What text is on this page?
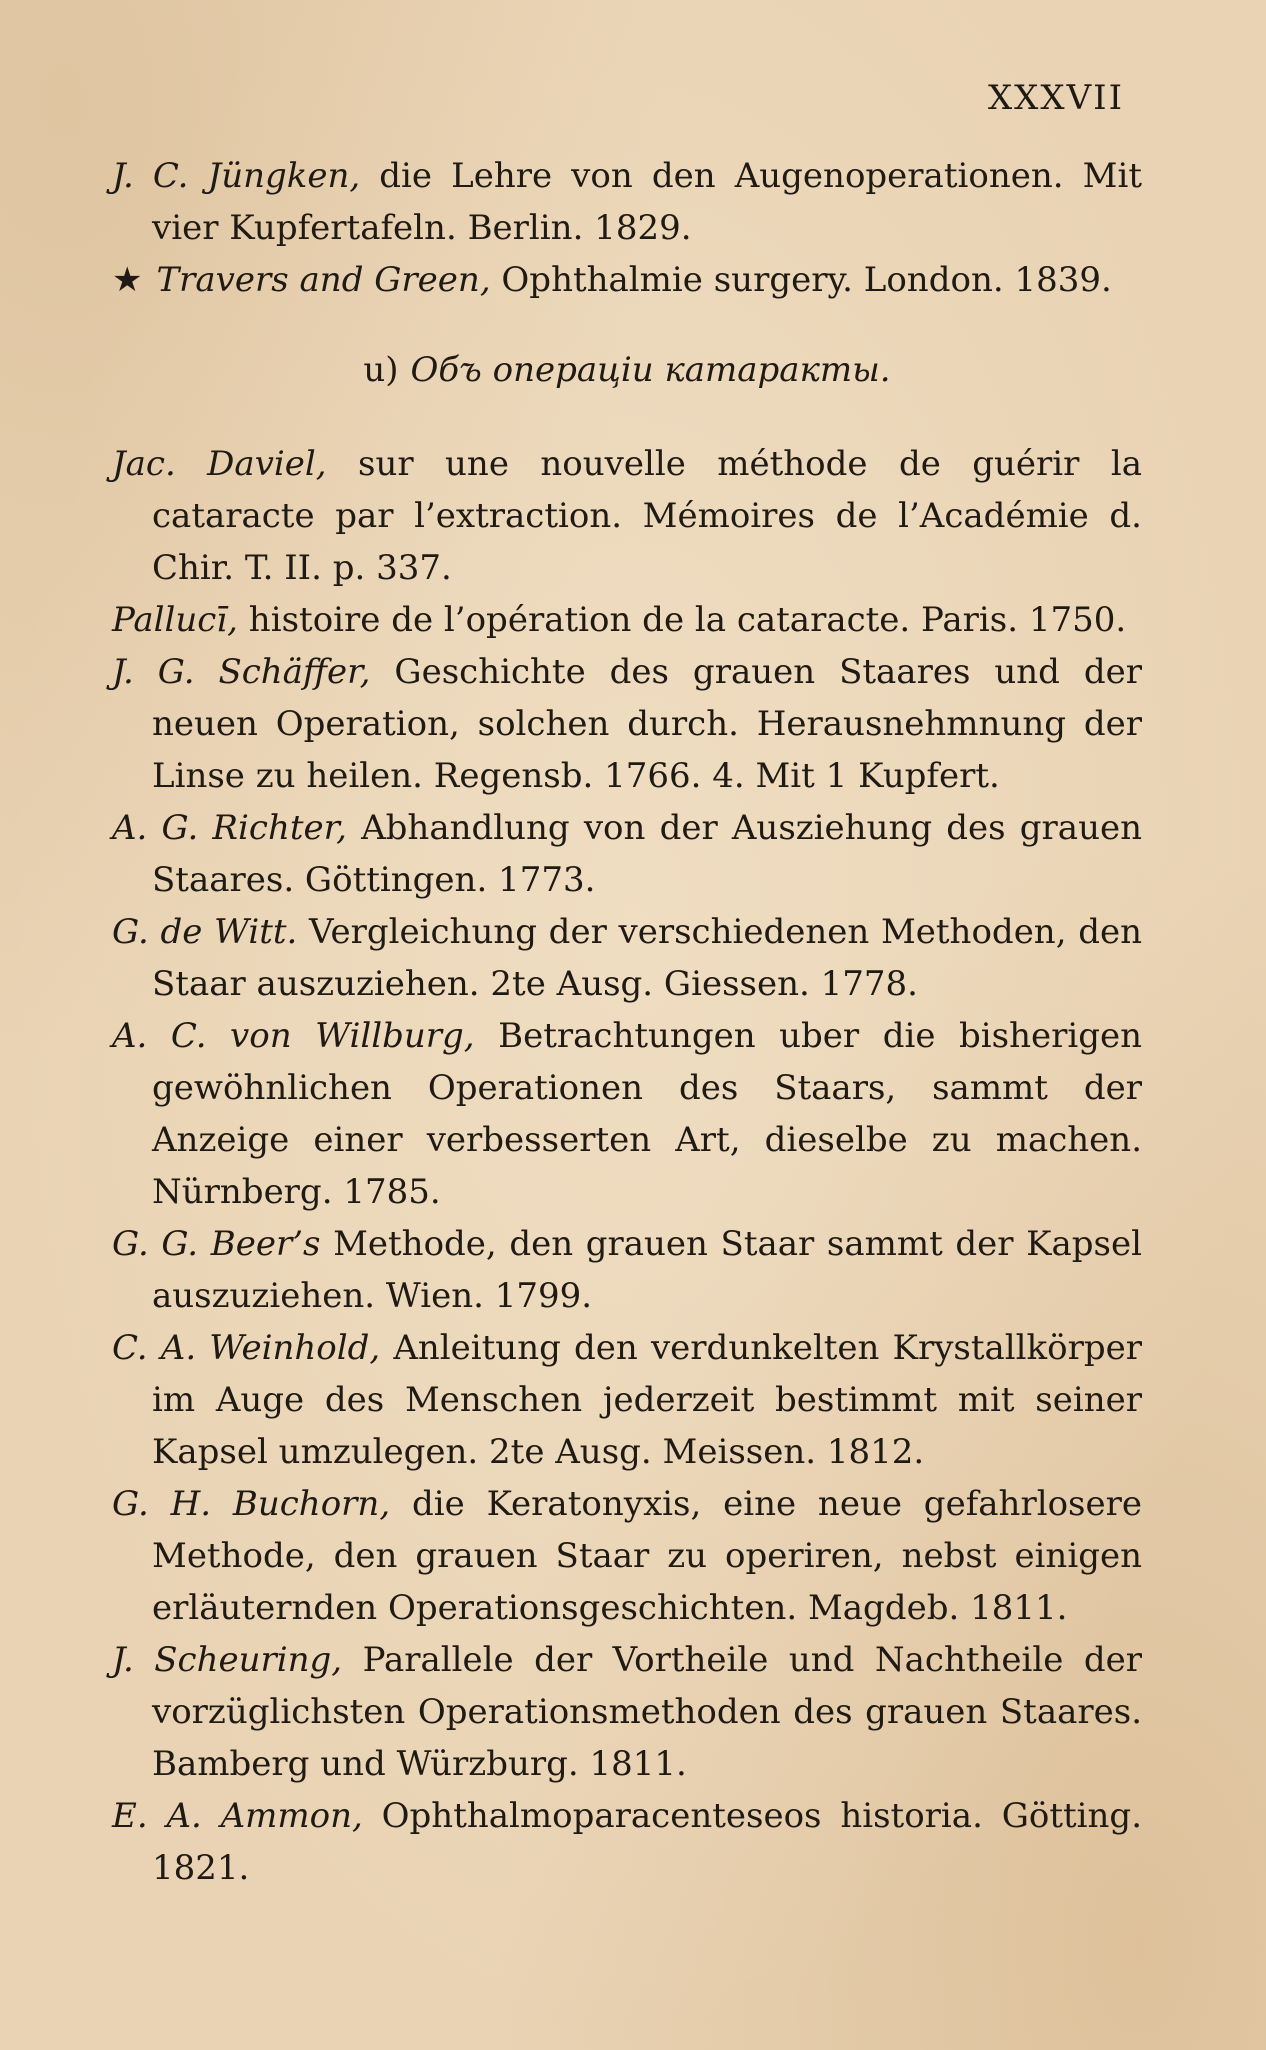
XXXVII

J. C. Jüngken, die Lehre von den Augenoperationen. Mit vier Kupfertafeln. Berlin. 1829.

★ Travers and Green, Ophthalmie surgery. London. 1839.

u) Объ операціи катаракты.

Jac. Daviel, sur une nouvelle méthode de guérir la cataracte par l’extraction. Mémoires de l’Académie d. Chir. T. II. p. 337.

Pallucī, histoire de l’opération de la cataracte. Paris. 1750.

J. G. Schäffer, Geschichte des grauen Staares und der neuen Operation, solchen durch. Herausnehmnung der Linse zu heilen. Regensb. 1766. 4. Mit 1 Kupfert.

A. G. Richter, Abhandlung von der Ausziehung des grauen Staares. Göttingen. 1773.

G. de Witt. Vergleichung der verschiedenen Methoden, den Staar auszuziehen. 2te Ausg. Giessen. 1778.

A. C. von Willburg, Betrachtungen uber die bisherigen gewöhnlichen Operationen des Staars, sammt der Anzeige einer verbesserten Art, dieselbe zu machen. Nürnberg. 1785.

G. G. Beer’s Methode, den grauen Staar sammt der Kapsel auszuziehen. Wien. 1799.

C. A. Weinhold, Anleitung den verdunkelten Krystallkörper im Auge des Menschen jederzeit bestimmt mit seiner Kapsel umzulegen. 2te Ausg. Meissen. 1812.

G. H. Buchorn, die Keratonyxis, eine neue gefahrlosere Methode, den grauen Staar zu operiren, nebst einigen erläuternden Operationsgeschichten. Magdeb. 1811.

J. Scheuring, Parallele der Vortheile und Nachtheile der vorzüglichsten Operationsmethoden des grauen Staares. Bamberg und Würzburg. 1811.

E. A. Ammon, Ophthalmoparacenteseos historia. Götting. 1821.
